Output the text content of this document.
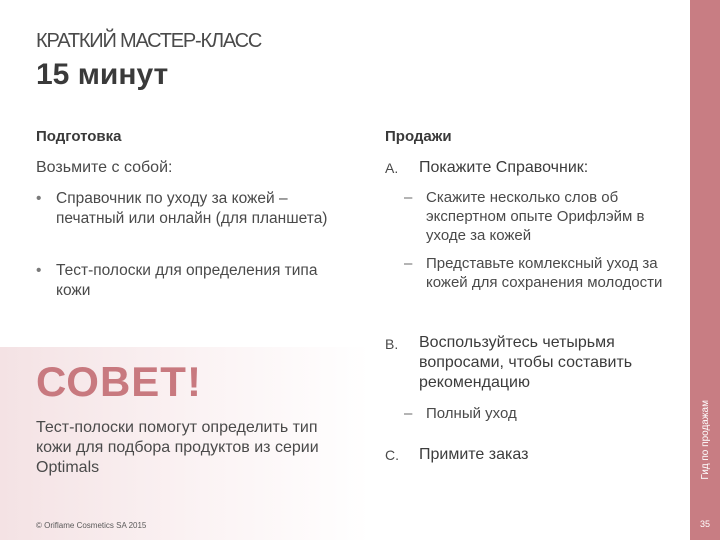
КРАТКИЙ МАСТЕР-КЛАСС
15 минут
Подготовка
Возьмите с собой:
• Справочник по уходу за кожей – печатный или онлайн (для планшета)
• Тест-полоски для определения типа кожи
СОВЕТ!
Тест-полоски помогут определить тип кожи для подбора продуктов из серии Optimals
Продажи
A. Покажите Справочник:
– Скажите несколько слов об экспертном опыте Орифлэйм в уходе за кожей
– Представьте комлексный уход за кожей для сохранения молодости
B. Воспользуйтесь четырьмя вопросами, чтобы составить рекомендацию
– Полный уход
C. Примите заказ
© Oriflame Cosmetics SA 2015
Гид по продажам
35
